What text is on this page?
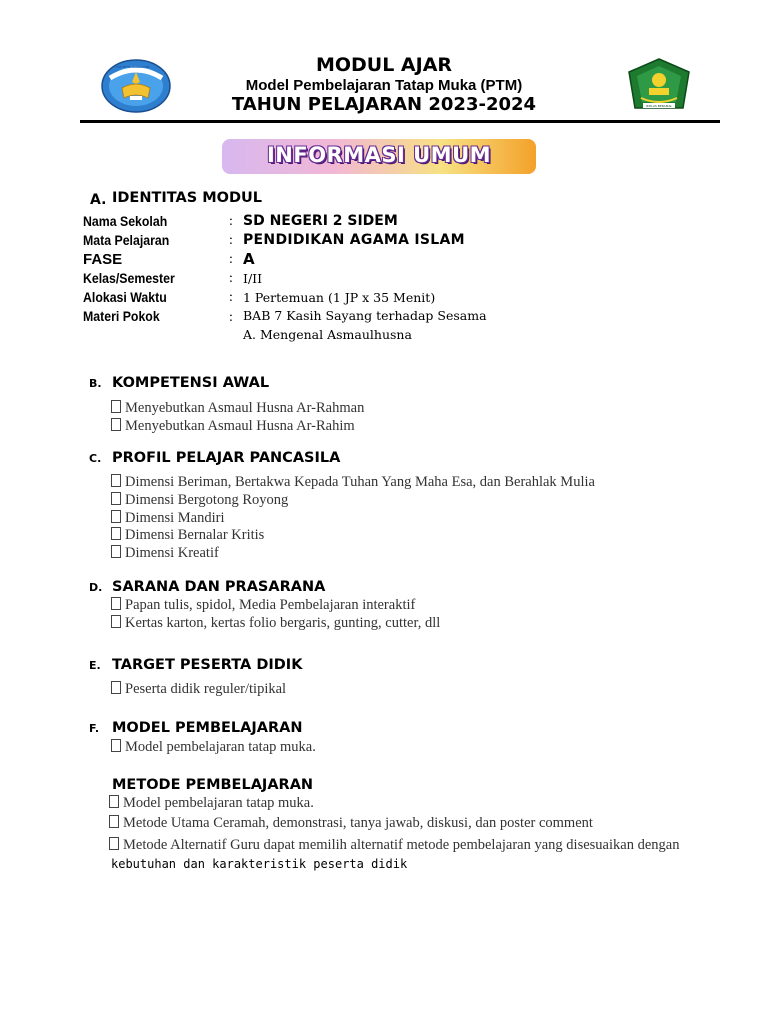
TUT WURI HANDAYANI
IKHLAS BERAMAL
MODUL AJAR
Model Pembelajaran Tatap Muka (PTM)
TAHUN PELAJARAN 2023-2024
INFORMASI UMUM
A. IDENTITAS MODUL
Nama Sekolah	: SD NEGERI 2 SIDEM
Mata Pelajaran	: PENDIDIKAN AGAMA ISLAM
FASE	: A
Kelas/Semester	: I/II
Alokasi Waktu	: 1 Pertemuan (1 JP x 35 Menit)
Materi Pokok	: BAB 7 Kasih Sayang terhadap Sesama
A. Mengenal Asmaulhusna
B. KOMPETENSI AWAL
Menyebutkan Asmaul Husna Ar-Rahman
Menyebutkan Asmaul Husna Ar-Rahim
C. PROFIL PELAJAR PANCASILA
Dimensi Beriman, Bertakwa Kepada Tuhan Yang Maha Esa, dan Berahlak Mulia
Dimensi Bergotong Royong
Dimensi Mandiri
Dimensi Bernalar Kritis
Dimensi Kreatif
D. SARANA DAN PRASARANA
Papan tulis, spidol, Media Pembelajaran interaktif
Kertas karton, kertas folio bergaris, gunting, cutter, dll
E. TARGET PESERTA DIDIK
Peserta didik reguler/tipikal
F. MODEL PEMBELAJARAN
Model pembelajaran tatap muka.
METODE PEMBELAJARAN
Model pembelajaran tatap muka.
Metode Utama Ceramah, demonstrasi, tanya jawab, diskusi, dan poster comment
Metode Alternatif Guru dapat memilih alternatif metode pembelajaran yang disesuaikan dengan
kebutuhan dan karakteristik peserta didik
